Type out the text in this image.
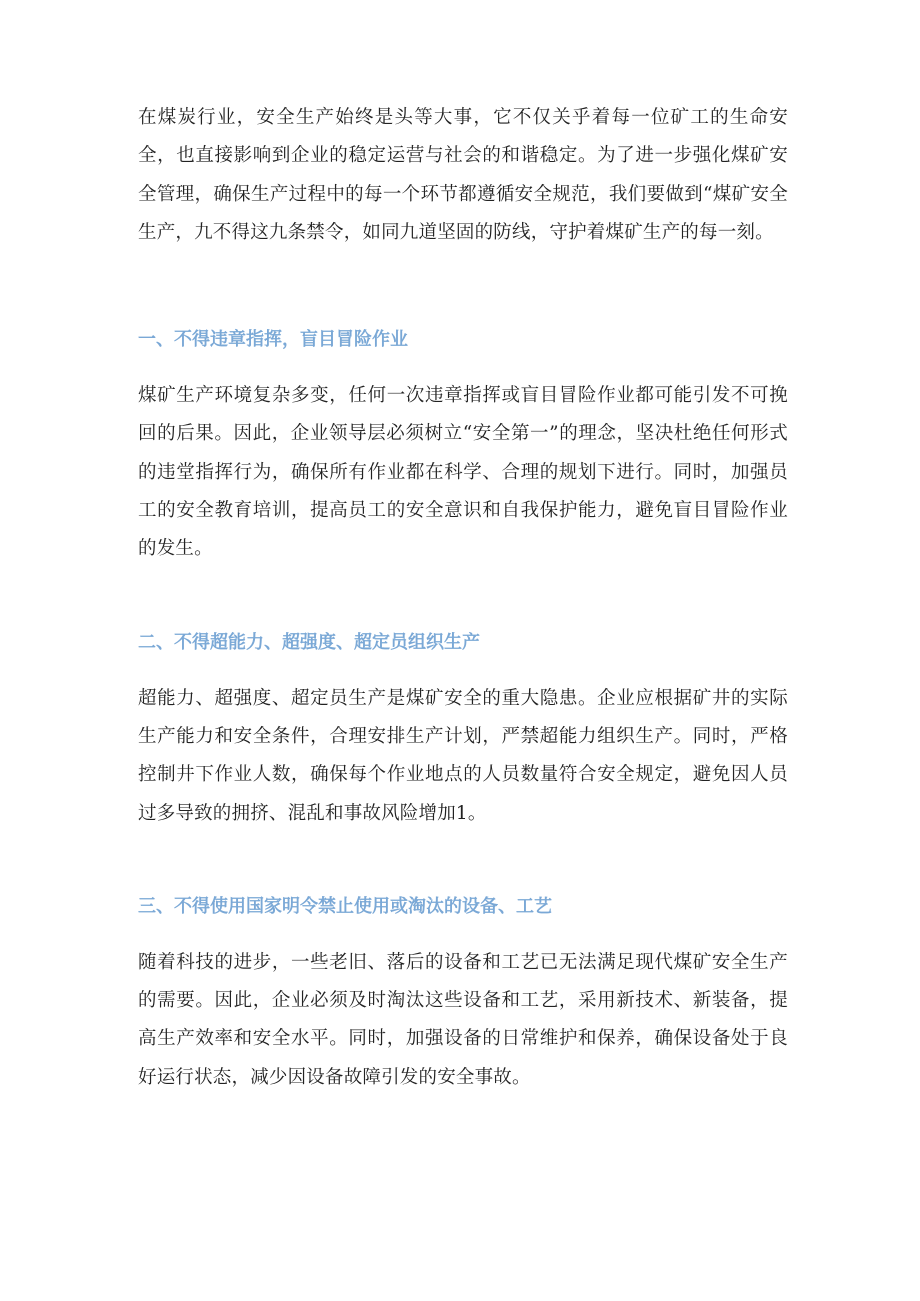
在煤炭行业，安全生产始终是头等大事，它不仅关乎着每一位矿工的生命安全，也直接影响到企业的稳定运营与社会的和谐稳定。为了进一步强化煤矿安全管理，确保生产过程中的每一个环节都遵循安全规范，我们要做到“煤矿安全生产，九不得这九条禁令，如同九道坚固的防线，守护着煤矿生产的每一刻。

一、不得违章指挥，盲目冒险作业

煤矿生产环境复杂多变，任何一次违章指挥或盲目冒险作业都可能引发不可挽回的后果。因此，企业领导层必须树立“安全第一”的理念，坚决杜绝任何形式的违堂指挥行为，确保所有作业都在科学、合理的规划下进行。同时，加强员工的安全教育培训，提高员工的安全意识和自我保护能力，避免盲目冒险作业的发生。

二、不得超能力、超强度、超定员组织生产

超能力、超强度、超定员生产是煤矿安全的重大隐患。企业应根据矿井的实际生产能力和安全条件，合理安排生产计划，严禁超能力组织生产。同时，严格控制井下作业人数，确保每个作业地点的人员数量符合安全规定，避免因人员过多导致的拥挤、混乱和事故风险增加1。

三、不得使用国家明令禁止使用或淘汰的设备、工艺

随着科技的进步，一些老旧、落后的设备和工艺已无法满足现代煤矿安全生产的需要。因此，企业必须及时淘汰这些设备和工艺，采用新技术、新装备，提高生产效率和安全水平。同时，加强设备的日常维护和保养，确保设备处于良好运行状态，减少因设备故障引发的安全事故。
